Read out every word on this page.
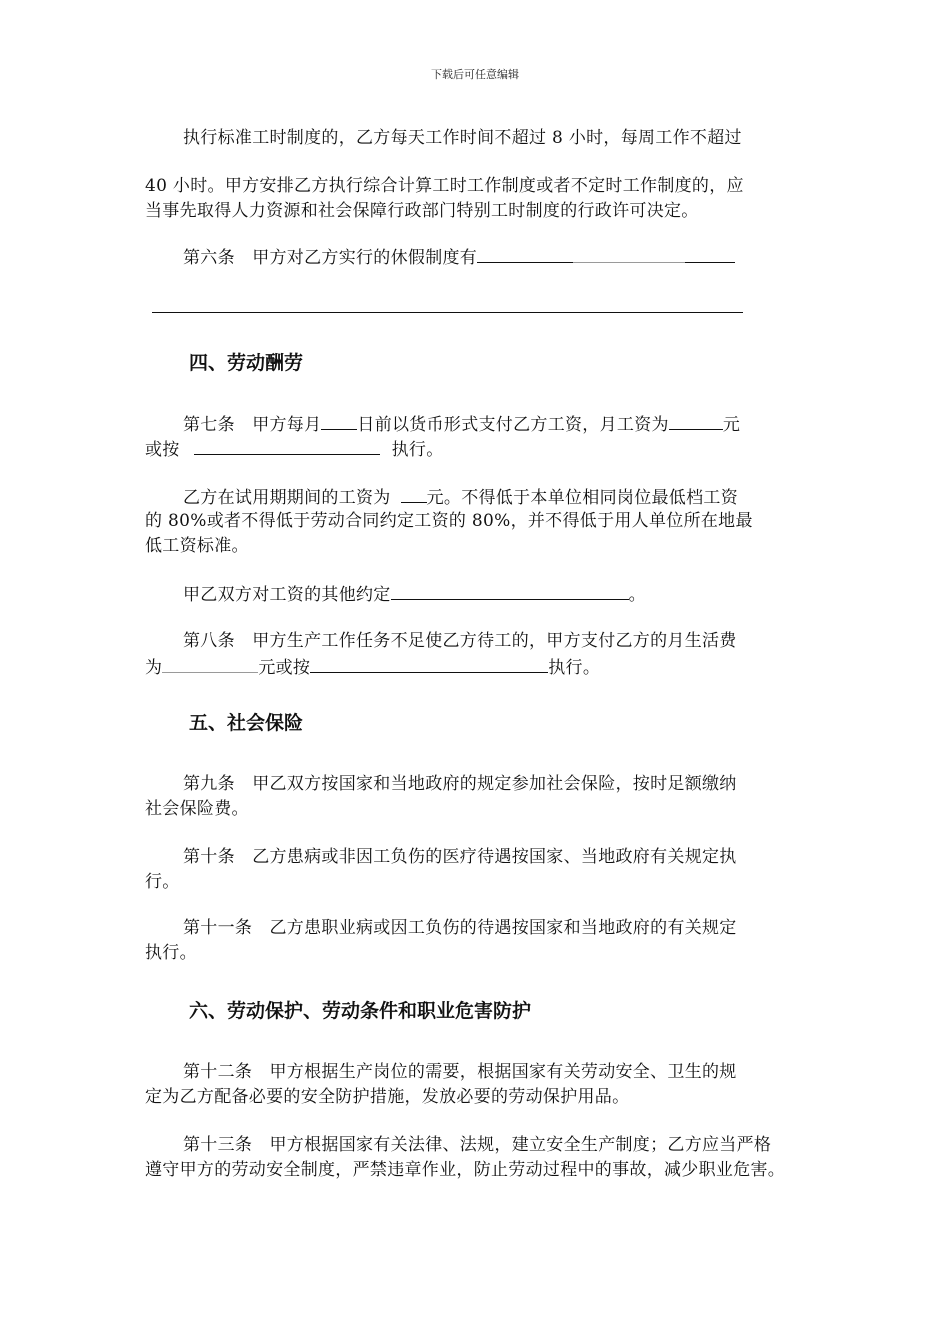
下载后可任意编辑
执行标准工时制度的，乙方每天工作时间不超过 8 小时，每周工作不超过
40 小时。甲方安排乙方执行综合计算工时工作制度或者不定时工作制度的，应
当事先取得人力资源和社会保障行政部门特别工时制度的行政许可决定。
第六条　甲方对乙方实行的休假制度有
四、劳动酬劳
第七条　甲方每月 日前以货币形式支付乙方工资，月工资为	元
或按	执行。
乙方在试用期期间的工资为 元。不得低于本单位相同岗位最低档工资
的 80%或者不得低于劳动合同约定工资的 80%，并不得低于用人单位所在地最
低工资标准。
甲乙双方对工资的其他约定	。
第八条　甲方生产工作任务不足使乙方待工的，甲方支付乙方的月生活费
为	元或按	执行。
五、社会保险
第九条　甲乙双方按国家和当地政府的规定参加社会保险，按时足额缴纳
社会保险费。
第十条　乙方患病或非因工负伤的医疗待遇按国家、当地政府有关规定执
行。
第十一条　乙方患职业病或因工负伤的待遇按国家和当地政府的有关规定
执行。
六、劳动保护、劳动条件和职业危害防护
第十二条　甲方根据生产岗位的需要，根据国家有关劳动安全、卫生的规
定为乙方配备必要的安全防护措施，发放必要的劳动保护用品。
第十三条　甲方根据国家有关法律、法规，建立安全生产制度；乙方应当严格
遵守甲方的劳动安全制度，严禁违章作业，防止劳动过程中的事故，减少职业危害。
